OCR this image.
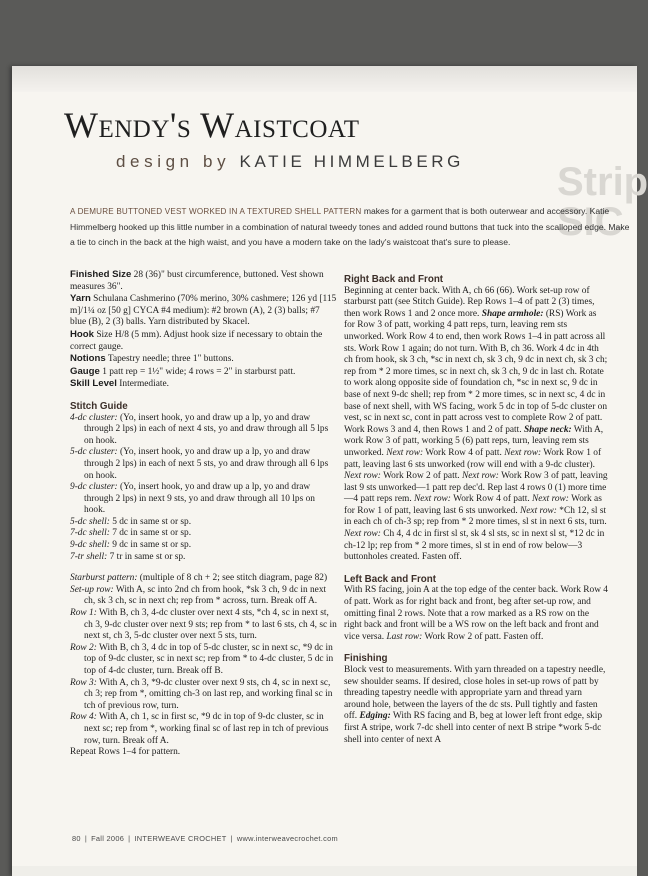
Wendy's Waistcoat
design by KATIE HIMMELBERG Strip SIC
A DEMURE BUTTONED VEST WORKED IN A TEXTURED SHELL PATTERN makes for a garment that is both outerwear and accessory. Katie Himmelberg hooked up this little number in a combination of natural tweedy tones and added round buttons that tuck into the scalloped edge. Make a tie to cinch in the back at the high waist, and you have a modern take on the lady's waistcoat that's sure to please.

Finished Size 28 (36)" bust circumference, buttoned. Vest shown measures 36".

Yarn Schulana Cashmerino (70% merino, 30% cashmere; 126 yd [115 m]/1¼ oz [50 g] CYCA #4 medium): #2 brown (A), 2 (3) balls; #7 blue (B), 2 (3) balls. Yarn distributed by Skacel.

Hook Size H/8 (5 mm). Adjust hook size if necessary to obtain the correct gauge.

Notions Tapestry needle; three 1" buttons.

Gauge 1 patt rep = 1½" wide; 4 rows = 2" in starburst patt.

Skill Level Intermediate.

Stitch Guide

4-dc cluster: (Yo, insert hook, yo and draw up a lp, yo and draw through 2 lps) in each of next 4 sts, yo and draw through all 5 lps on hook.

5-dc cluster: (Yo, insert hook, yo and draw up a lp, yo and draw through 2 lps) in each of next 5 sts, yo and draw through all 6 lps on hook.

9-dc cluster: (Yo, insert hook, yo and draw up a lp, yo and draw through 2 lps) in next 9 sts, yo and draw through all 10 lps on hook.

5-dc shell: 5 dc in same st or sp.

7-dc shell: 7 dc in same st or sp.

9-dc shell: 9 dc in same st or sp.

7-tr shell: 7 tr in same st or sp.

Starburst pattern: (multiple of 8 ch + 2; see stitch diagram, page 82)

Set-up row: With A, sc into 2nd ch from hook, *sk 3 ch, 9 dc in next ch, sk 3 ch, sc in next ch; rep from * across, turn. Break off A.

Row 1: With B, ch 3, 4-dc cluster over next 4 sts, *ch 4, sc in next st, ch 3, 9-dc cluster over next 9 sts; rep from * to last 6 sts, ch 4, sc in next st, ch 3, 5-dc cluster over next 5 sts, turn.

Row 2: With B, ch 3, 4 dc in top of 5-dc cluster, sc in next sc, *9 dc in top of 9-dc cluster, sc in next sc; rep from * to 4-dc cluster, 5 dc in top of 4-dc cluster, turn. Break off B.

Row 3: With A, ch 3, *9-dc cluster over next 9 sts, ch 4, sc in next sc, ch 3; rep from *, omitting ch-3 on last rep, and working final sc in tch of previous row, turn.

Row 4: With A, ch 1, sc in first sc, *9 dc in top of 9-dc cluster, sc in next sc; rep from *, working final sc of last rep in tch of previous row, turn. Break off A.

Repeat Rows 1–4 for pattern.

Right Back and Front

Beginning at center back. With A, ch 66 (66). Work set-up row of starburst patt (see Stitch Guide). Rep Rows 1–4 of patt 2 (3) times, then work Rows 1 and 2 once more. Shape armhole: (RS) Work as for Row 3 of patt, working 4 patt reps, turn, leaving rem sts unworked. Work Row 4 to end, then work Rows 1–4 in patt across all sts. Work Row 1 again; do not turn. With B, ch 36. Work 4 dc in 4th ch from hook, sk 3 ch, *sc in next ch, sk 3 ch, 9 dc in next ch, sk 3 ch; rep from * 2 more times, sc in next ch, sk 3 ch, 9 dc in last ch. Rotate to work along opposite side of foundation ch, *sc in next sc, 9 dc in base of next 9-dc shell; rep from * 2 more times, sc in next sc, 4 dc in base of next shell, with WS facing, work 5 dc in top of 5-dc cluster on vest, sc in next sc, cont in patt across vest to complete Row 2 of patt. Work Rows 3 and 4, then Rows 1 and 2 of patt. Shape neck: With A, work Row 3 of patt, working 5 (6) patt reps, turn, leaving rem sts unworked. Next row: Work Row 4 of patt. Next row: Work Row 1 of patt, leaving last 6 sts unworked (row will end with a 9-dc cluster). Next row: Work Row 2 of patt. Next row: Work Row 3 of patt, leaving last 9 sts unworked—1 patt rep dec'd. Rep last 4 rows 0 (1) more time—4 patt reps rem. Next row: Work Row 4 of patt. Next row: Work as for Row 1 of patt, leaving last 6 sts unworked. Next row: *Ch 12, sl st in each ch of ch-3 sp; rep from * 2 more times, sl st in next 6 sts, turn. Next row: Ch 4, 4 dc in first sl st, sk 4 sl sts, sc in next sl st, *12 dc in ch-12 lp; rep from * 2 more times, sl st in end of row below—3 buttonholes created. Fasten off.

Left Back and Front

With RS facing, join A at the top edge of the center back. Work Row 4 of patt. Work as for right back and front, beg after set-up row, and omitting final 2 rows. Note that a row marked as a RS row on the right back and front will be a WS row on the left back and front and vice versa. Last row: Work Row 2 of patt. Fasten off.

Finishing

Block vest to measurements. With yarn threaded on a tapestry needle, sew shoulder seams. If desired, close holes in set-up rows of patt by threading tapestry needle with appropriate yarn and thread yarn around hole, between the layers of the dc sts. Pull tightly and fasten off. Edging: With RS facing and B, beg at lower left front edge, skip first A stripe, work 7-dc shell into center of next B stripe *work 5-dc shell into center of next A

80 | Fall 2006 | INTERWEAVE CROCHET | www.interweavecrochet.com
